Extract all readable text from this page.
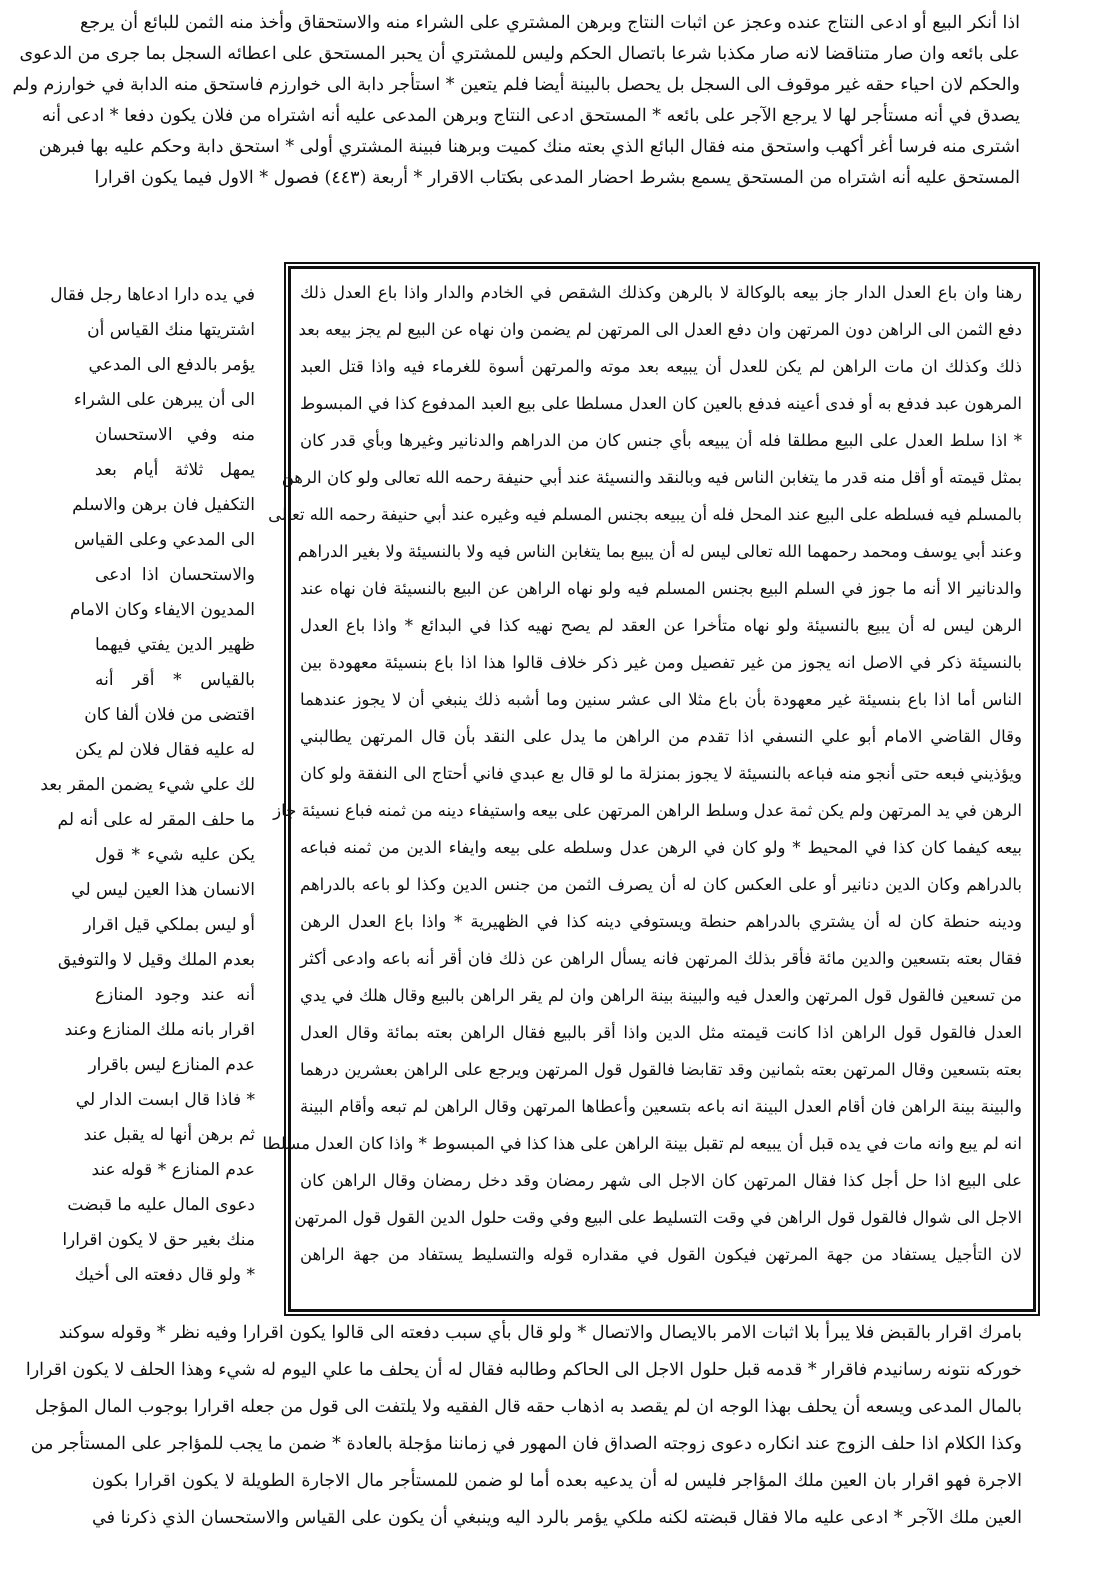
اذا أنكر البيع أو ادعى النتاج عنده وعجز عن اثبات النتاج وبرهن المشتري على الشراء منه والاستحقاق وأخذ منه الثمن للبائع أن يرجع
على بائعه وان صار متناقضا لانه صار مكذبا شرعا باتصال الحكم وليس للمشتري أن يحبر المستحق على اعطائه السجل بما جرى من الدعوى
والحكم لان احياء حقه غير موقوف الى السجل بل يحصل بالبينة أيضا فلم يتعين * استأجر دابة الى خوارزم فاستحق منه الدابة في خوارزم ولم
يصدق في أنه مستأجر لها لا يرجع الآجر على بائعه * المستحق ادعى النتاج وبرهن المدعى عليه أنه اشتراه من فلان يكون دفعا * ادعى أنه
اشترى منه فرسا أغر أكهب واستحق منه فقال البائع الذي بعته منك كميت وبرهنا فبينة المشتري أولى * استحق دابة وحكم عليه بها فبرهن
المستحق عليه أنه اشتراه من المستحق يسمع بشرط احضار المدعى به
كتاب الاقرار * أربعة (٤٤٣) فصول * الاول فيما يكون اقرارا
رهنا وان باع العدل الدار جاز بيعه بالوكالة لا بالرهن وكذلك الشقص في الخادم والدار واذا باع العدل ذلك
دفع الثمن الى الراهن دون المرتهن وان دفع العدل الى المرتهن لم يضمن وان نهاه عن البيع لم يجز بيعه بعد
ذلك وكذلك ان مات الراهن لم يكن للعدل أن يبيعه بعد موته والمرتهن أسوة للغرماء فيه واذا قتل العبد
المرهون عبد فدفع به أو فدى أعينه فدفع بالعين كان العدل مسلطا على بيع العبد المدفوع كذا في المبسوط
* اذا سلط العدل على البيع مطلقا فله أن يبيعه بأي جنس كان من الدراهم والدنانير وغيرها وبأي قدر كان
بمثل قيمته أو أقل منه قدر ما يتغابن الناس فيه وبالنقد والنسيئة عند أبي حنيفة رحمه الله تعالى ولو كان الرهن
بالمسلم فيه فسلطه على البيع عند المحل فله أن يبيعه بجنس المسلم فيه وغيره عند أبي حنيفة رحمه الله تعالى
وعند أبي يوسف ومحمد رحمهما الله تعالى ليس له أن يبيع بما يتغابن الناس فيه ولا بالنسيئة ولا بغير الدراهم
والدنانير الا أنه ما جوز في السلم البيع بجنس المسلم فيه ولو نهاه الراهن عن البيع بالنسيئة فان نهاه عند
الرهن ليس له أن يبيع بالنسيئة ولو نهاه متأخرا عن العقد لم يصح نهيه كذا في البدائع * واذا باع العدل
بالنسيئة ذكر في الاصل انه يجوز من غير تفصيل ومن غير ذكر خلاف قالوا هذا اذا باع بنسيئة معهودة بين
الناس أما اذا باع بنسيئة غير معهودة بأن باع مثلا الى عشر سنين وما أشبه ذلك ينبغي أن لا يجوز عندهما
وقال القاضي الامام أبو علي النسفي اذا تقدم من الراهن ما يدل على النقد بأن قال المرتهن يطالبني
ويؤذيني فبعه حتى أنجو منه فباعه بالنسيئة لا يجوز بمنزلة ما لو قال بع عبدي فاني أحتاج الى النفقة ولو كان
الرهن في يد المرتهن ولم يكن ثمة عدل وسلط الراهن المرتهن على بيعه واستيفاء دينه من ثمنه فباع نسيئة جاز
بيعه كيفما كان كذا في المحيط * ولو كان في الرهن عدل وسلطه على بيعه وايفاء الدين من ثمنه فباعه
بالدراهم وكان الدين دنانير أو على العكس كان له أن يصرف الثمن من جنس الدين وكذا لو باعه بالدراهم
ودينه حنطة كان له أن يشتري بالدراهم حنطة ويستوفي دينه كذا في الظهيرية * واذا باع العدل الرهن
فقال بعته بتسعين والدين مائة فأقر بذلك المرتهن فانه يسأل الراهن عن ذلك فان أقر أنه باعه وادعى أكثر
من تسعين فالقول قول المرتهن والعدل فيه والبينة بينة الراهن وان لم يقر الراهن بالبيع وقال هلك في يدي
العدل فالقول قول الراهن اذا كانت قيمته مثل الدين واذا أقر بالبيع فقال الراهن بعته بمائة وقال العدل
بعته بتسعين وقال المرتهن بعته بثمانين وقد تقابضا فالقول قول المرتهن ويرجع على الراهن بعشرين درهما
والبينة بينة الراهن فان أقام العدل البينة انه باعه بتسعين وأعطاها المرتهن وقال الراهن لم تبعه وأقام البينة
انه لم يبع وانه مات في يده قبل أن يبيعه لم تقبل بينة الراهن على هذا كذا في المبسوط * واذا كان العدل مسلطا
على البيع اذا حل أجل كذا فقال المرتهن كان الاجل الى شهر رمضان وقد دخل رمضان وقال الراهن كان
الاجل الى شوال فالقول قول الراهن في وقت التسليط على البيع وفي وقت حلول الدين القول قول المرتهن
لان التأجيل يستفاد من جهة المرتهن فيكون القول في مقداره قوله والتسليط يستفاد من جهة الراهن
في يده دارا ادعاها رجل فقال
اشتريتها منك القياس أن
يؤمر بالدفع الى المدعي
الى أن يبرهن على الشراء
منه وفي الاستحسان
يمهل ثلاثة أيام بعد
التكفيل فان برهن والاسلم
الى المدعي وعلى القياس
والاستحسان اذا ادعى
المديون الايفاء وكان الامام
ظهير الدين يفتي فيهما
بالقياس * أقر أنه
اقتضى من فلان ألفا كان
له عليه فقال فلان لم يكن
لك علي شيء يضمن المقر بعد
ما حلف المقر له على أنه لم
يكن عليه شيء * قول
الانسان هذا العين ليس لي
أو ليس بملكي قيل اقرار
بعدم الملك وقيل لا والتوفيق
أنه عند وجود المنازع
اقرار بانه ملك المنازع وعند
عدم المنازع ليس باقرار
* فاذا قال ابست الدار لي
ثم برهن أنها له يقبل عند
عدم المنازع * قوله عند
دعوى المال عليه ما قبضت
منك بغير حق لا يكون اقرارا
* ولو قال دفعته الى أخيك
بامرك اقرار بالقبض فلا يبرأ بلا اثبات الامر بالايصال والاتصال * ولو قال بأي سبب دفعته الى قالوا يكون اقرارا وفيه نظر * وقوله سوكند
خوركه نتونه رسانيدم فاقرار * قدمه قبل حلول الاجل الى الحاكم وطالبه فقال له أن يحلف ما علي اليوم له شيء وهذا الحلف لا يكون اقرارا
بالمال المدعى ويسعه أن يحلف بهذا الوجه ان لم يقصد به اذهاب حقه قال الفقيه ولا يلتفت الى قول من جعله اقرارا بوجوب المال المؤجل
وكذا الكلام اذا حلف الزوج عند انكاره دعوى زوجته الصداق فان المهور في زماننا مؤجلة بالعادة * ضمن ما يجب للمؤاجر على المستأجر من
الاجرة فهو اقرار بان العين ملك المؤاجر فليس له أن يدعيه بعده أما لو ضمن للمستأجر مال الاجارة الطويلة لا يكون اقرارا بكون
العين ملك الآجر * ادعى عليه مالا فقال قبضته لكنه ملكي يؤمر بالرد اليه وينبغي أن يكون على القياس والاستحسان الذي ذكرنا في
